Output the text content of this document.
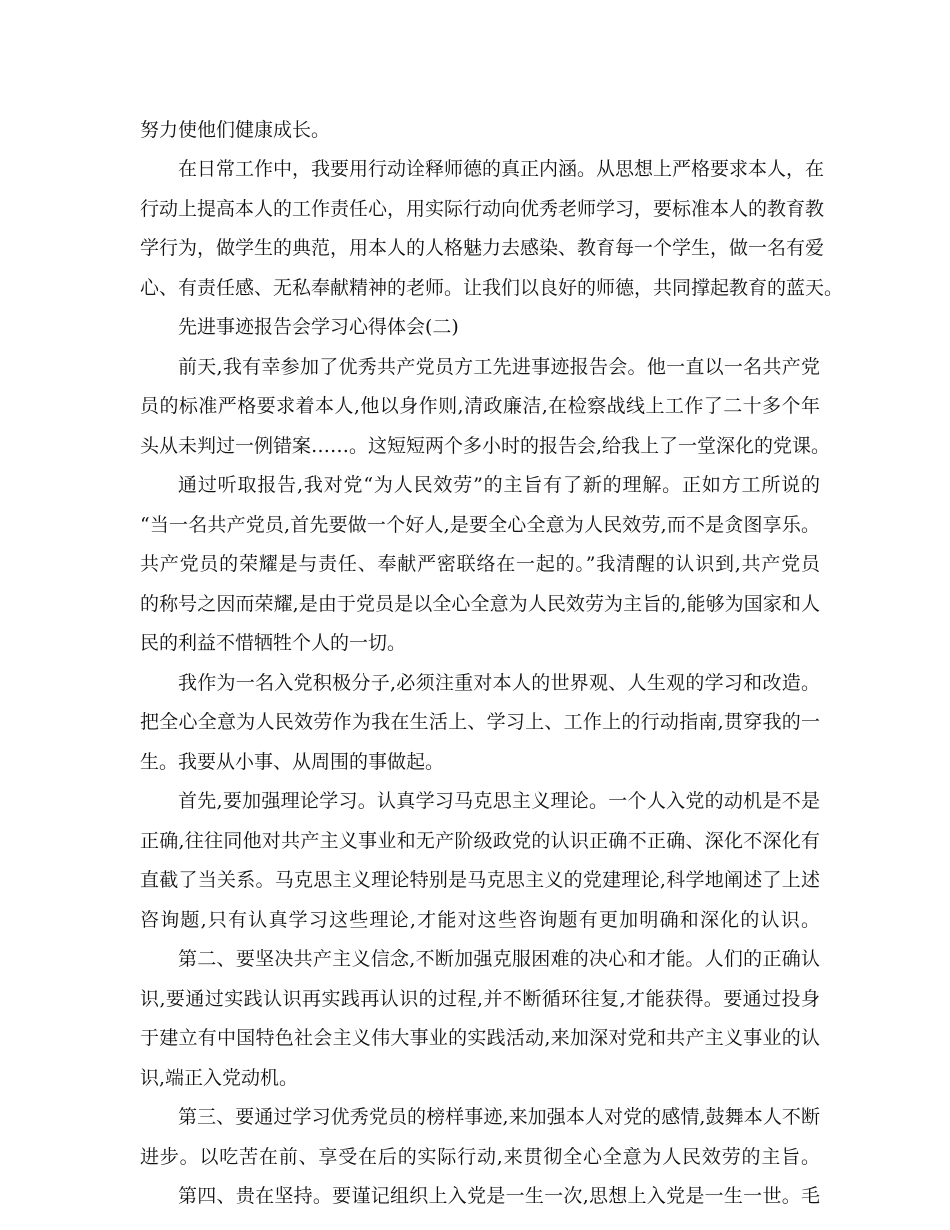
努力使他们健康成长。
在日常工作中，我要用行动诠释师德的真正内涵。从思想上严格要求本人，在
行动上提高本人的工作责任心，用实际行动向优秀老师学习，要标准本人的教育教
学行为，做学生的典范，用本人的人格魅力去感染、教育每一个学生，做一名有爱
心、有责任感、无私奉献精神的老师。让我们以良好的师德，共同撑起教育的蓝天。
先进事迹报告会学习心得体会(二)
前天,我有幸参加了优秀共产党员方工先进事迹报告会。他一直以一名共产党
员的标准严格要求着本人,他以身作则,清政廉洁,在检察战线上工作了二十多个年
头从未判过一例错案……。这短短两个多小时的报告会,给我上了一堂深化的党课。
通过听取报告,我对党“为人民效劳”的主旨有了新的理解。正如方工所说的
“当一名共产党员,首先要做一个好人,是要全心全意为人民效劳,而不是贪图享乐。
共产党员的荣耀是与责任、奉献严密联络在一起的。”我清醒的认识到,共产党员
的称号之因而荣耀,是由于党员是以全心全意为人民效劳为主旨的,能够为国家和人
民的利益不惜牺牲个人的一切。
我作为一名入党积极分子,必须注重对本人的世界观、人生观的学习和改造。
把全心全意为人民效劳作为我在生活上、学习上、工作上的行动指南,贯穿我的一
生。我要从小事、从周围的事做起。
首先,要加强理论学习。认真学习马克思主义理论。一个人入党的动机是不是
正确,往往同他对共产主义事业和无产阶级政党的认识正确不正确、深化不深化有
直截了当关系。马克思主义理论特别是马克思主义的党建理论,科学地阐述了上述
咨询题,只有认真学习这些理论,才能对这些咨询题有更加明确和深化的认识。
第二、要坚决共产主义信念,不断加强克服困难的决心和才能。人们的正确认
识,要通过实践认识再实践再认识的过程,并不断循环往复,才能获得。要通过投身
于建立有中国特色社会主义伟大事业的实践活动,来加深对党和共产主义事业的认
识,端正入党动机。
第三、要通过学习优秀党员的榜样事迹,来加强本人对党的感情,鼓舞本人不断
进步。以吃苦在前、享受在后的实际行动,来贯彻全心全意为人民效劳的主旨。
第四、贵在坚持。要谨记组织上入党是一生一次,思想上入党是一生一世。毛
